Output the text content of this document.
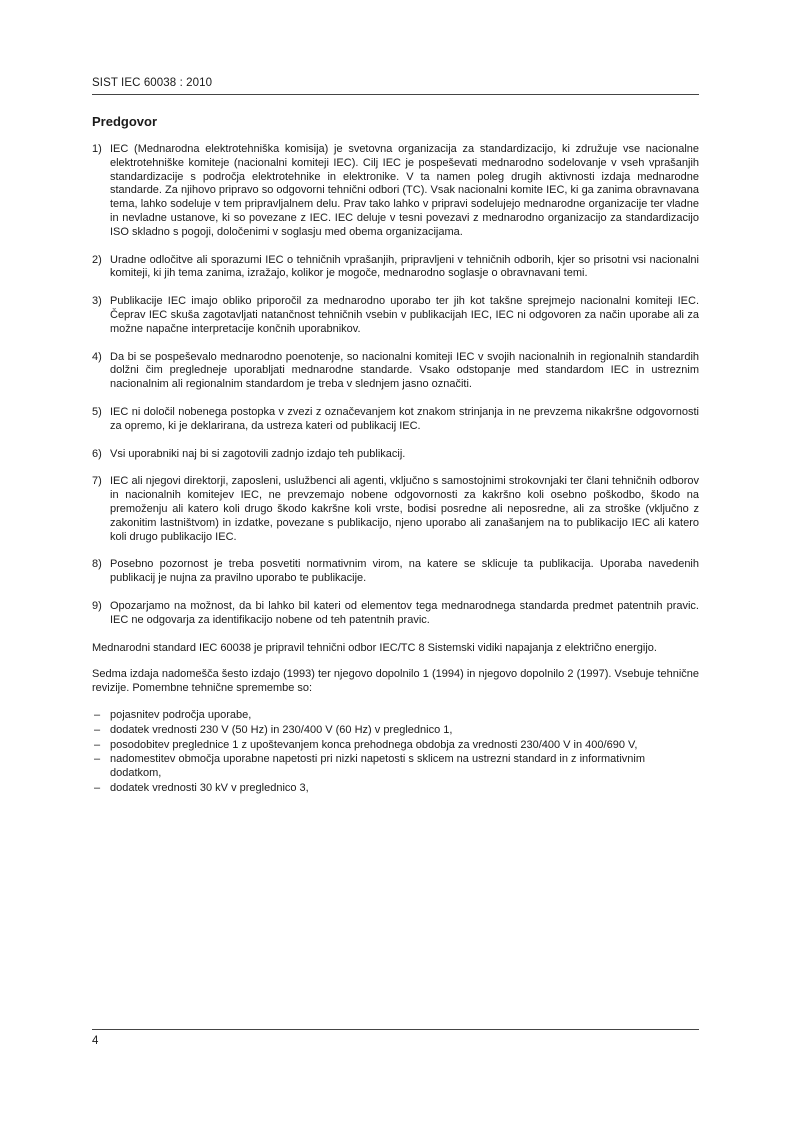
SIST IEC 60038 : 2010
Predgovor
1) IEC (Mednarodna elektrotehniška komisija) je svetovna organizacija za standardizacijo, ki združuje vse nacionalne elektrotehniške komiteje (nacionalni komiteji IEC). Cilj IEC je pospeševati mednarodno sodelovanje v vseh vprašanjih standardizacije s področja elektrotehnike in elektronike. V ta namen poleg drugih aktivnosti izdaja mednarodne standarde. Za njihovo pripravo so odgovorni tehnični odbori (TC). Vsak nacionalni komite IEC, ki ga zanima obravnavana tema, lahko sodeluje v tem pripravljalnem delu. Prav tako lahko v pripravi sodelujejo mednarodne organizacije ter vladne in nevladne ustanove, ki so povezane z IEC. IEC deluje v tesni povezavi z mednarodno organizacijo za standardizacijo ISO skladno s pogoji, določenimi v soglasju med obema organizacijama.
2) Uradne odločitve ali sporazumi IEC o tehničnih vprašanjih, pripravljeni v tehničnih odborih, kjer so prisotni vsi nacionalni komiteji, ki jih tema zanima, izražajo, kolikor je mogoče, mednarodno soglasje o obravnavani temi.
3) Publikacije IEC imajo obliko priporočil za mednarodno uporabo ter jih kot takšne sprejmejo nacionalni komiteji IEC. Čeprav IEC skuša zagotavljati natančnost tehničnih vsebin v publikacijah IEC, IEC ni odgovoren za način uporabe ali za možne napačne interpretacije končnih uporabnikov.
4) Da bi se pospeševalo mednarodno poenotenje, so nacionalni komiteji IEC v svojih nacionalnih in regionalnih standardih dolžni čim pregledneje uporabljati mednarodne standarde. Vsako odstopanje med standardom IEC in ustreznim nacionalnim ali regionalnim standardom je treba v slednjem jasno označiti.
5) IEC ni določil nobenega postopka v zvezi z označevanjem kot znakom strinjanja in ne prevzema nikakršne odgovornosti za opremo, ki je deklarirana, da ustreza kateri od publikacij IEC.
6) Vsi uporabniki naj bi si zagotovili zadnjo izdajo teh publikacij.
7) IEC ali njegovi direktorji, zaposleni, uslužbenci ali agenti, vključno s samostojnimi strokovnjaki ter člani tehničnih odborov in nacionalnih komitejev IEC, ne prevzemajo nobene odgovornosti za kakršno koli osebno poškodbo, škodo na premoženju ali katero koli drugo škodo kakršne koli vrste, bodisi posredne ali neposredne, ali za stroške (vključno z zakonitim lastništvom) in izdatke, povezane s publikacijo, njeno uporabo ali zanašanjem na to publikacijo IEC ali katero koli drugo publikacijo IEC.
8) Posebno pozornost je treba posvetiti normativnim virom, na katere se sklicuje ta publikacija. Uporaba navedenih publikacij je nujna za pravilno uporabo te publikacije.
9) Opozarjamo na možnost, da bi lahko bil kateri od elementov tega mednarodnega standarda predmet patentnih pravic. IEC ne odgovarja za identifikacijo nobene od teh patentnih pravic.

Mednarodni standard IEC 60038 je pripravil tehnični odbor IEC/TC 8 Sistemski vidiki napajanja z električno energijo.

Sedma izdaja nadomešča šesto izdajo (1993) ter njegovo dopolnilo 1 (1994) in njegovo dopolnilo 2 (1997). Vsebuje tehnične revizije. Pomembne tehnične spremembe so:

– pojasnitev področja uporabe,
– dodatek vrednosti 230 V (50 Hz) in 230/400 V (60 Hz) v preglednico 1,
– posodobitev preglednice 1 z upoštevanjem konca prehodnega obdobja za vrednosti 230/400 V in 400/690 V,
– nadomestitev območja uporabne napetosti pri nizki napetosti s sklicem na ustrezni standard in z informativnim dodatkom,
– dodatek vrednosti 30 kV v preglednico 3,
4
